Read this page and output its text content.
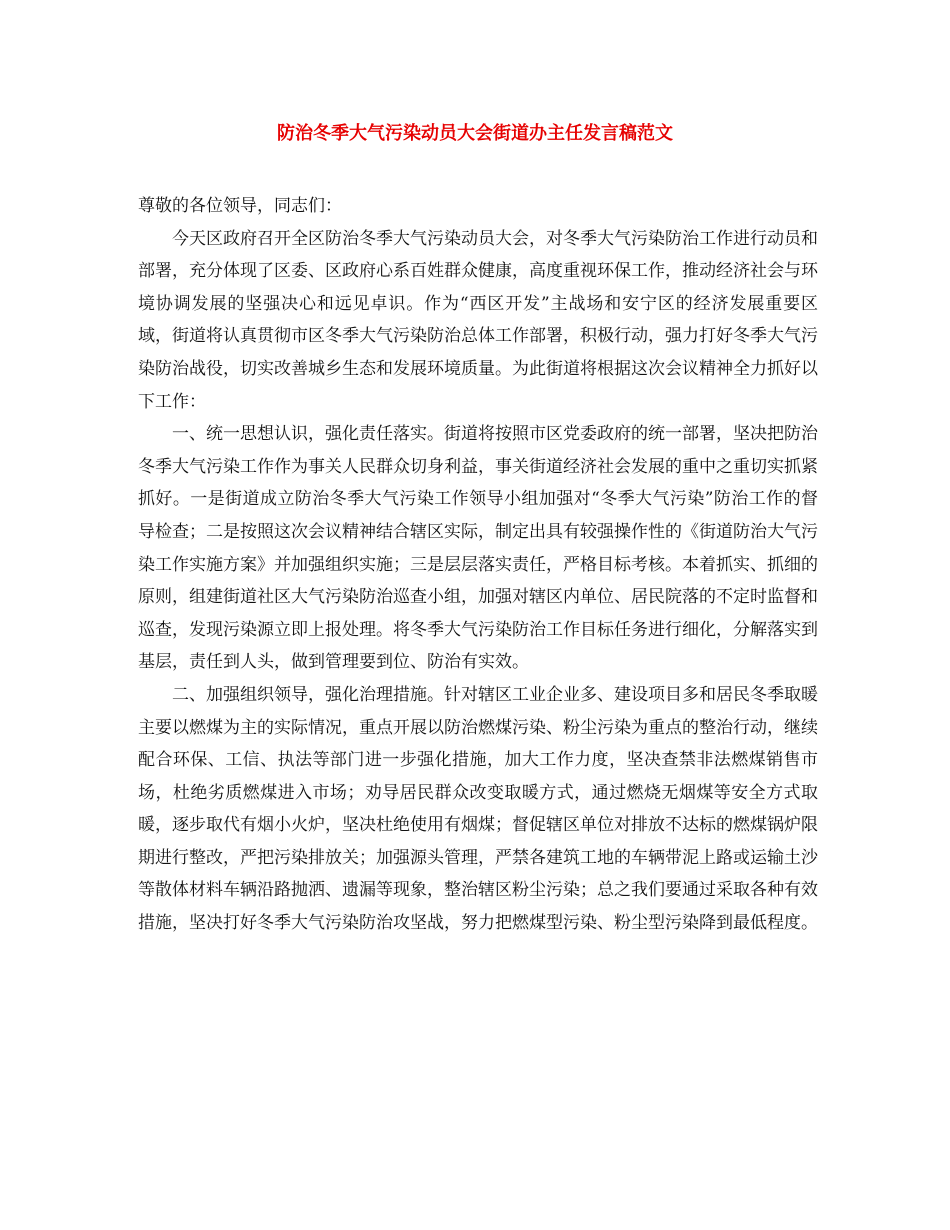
防治冬季大气污染动员大会街道办主任发言稿范文

尊敬的各位领导，同志们：

今天区政府召开全区防治冬季大气污染动员大会，对冬季大气污染防治工作进行动员和部署，充分体现了区委、区政府心系百姓群众健康，高度重视环保工作，推动经济社会与环境协调发展的坚强决心和远见卓识。作为“西区开发”主战场和安宁区的经济发展重要区域，街道将认真贯彻市区冬季大气污染防治总体工作部署，积极行动，强力打好冬季大气污染防治战役，切实改善城乡生态和发展环境质量。为此街道将根据这次会议精神全力抓好以下工作：

一、统一思想认识，强化责任落实。街道将按照市区党委政府的统一部署，坚决把防治冬季大气污染工作作为事关人民群众切身利益，事关街道经济社会发展的重中之重切实抓紧抓好。一是街道成立防治冬季大气污染工作领导小组加强对“冬季大气污染”防治工作的督导检查；二是按照这次会议精神结合辖区实际，制定出具有较强操作性的《街道防治大气污染工作实施方案》并加强组织实施；三是层层落实责任，严格目标考核。本着抓实、抓细的原则，组建街道社区大气污染防治巡查小组，加强对辖区内单位、居民院落的不定时监督和巡查，发现污染源立即上报处理。将冬季大气污染防治工作目标任务进行细化，分解落实到基层，责任到人头，做到管理要到位、防治有实效。

二、加强组织领导，强化治理措施。针对辖区工业企业多、建设项目多和居民冬季取暖主要以燃煤为主的实际情况，重点开展以防治燃煤污染、粉尘污染为重点的整治行动，继续配合环保、工信、执法等部门进一步强化措施，加大工作力度，坚决查禁非法燃煤销售市场，杜绝劣质燃煤进入市场；劝导居民群众改变取暖方式，通过燃烧无烟煤等安全方式取暖，逐步取代有烟小火炉，坚决杜绝使用有烟煤；督促辖区单位对排放不达标的燃煤锅炉限期进行整改，严把污染排放关；加强源头管理，严禁各建筑工地的车辆带泥上路或运输土沙等散体材料车辆沿路抛洒、遗漏等现象，整治辖区粉尘污染；总之我们要通过采取各种有效措施，坚决打好冬季大气污染防治攻坚战，努力把燃煤型污染、粉尘型污染降到最低程度。
